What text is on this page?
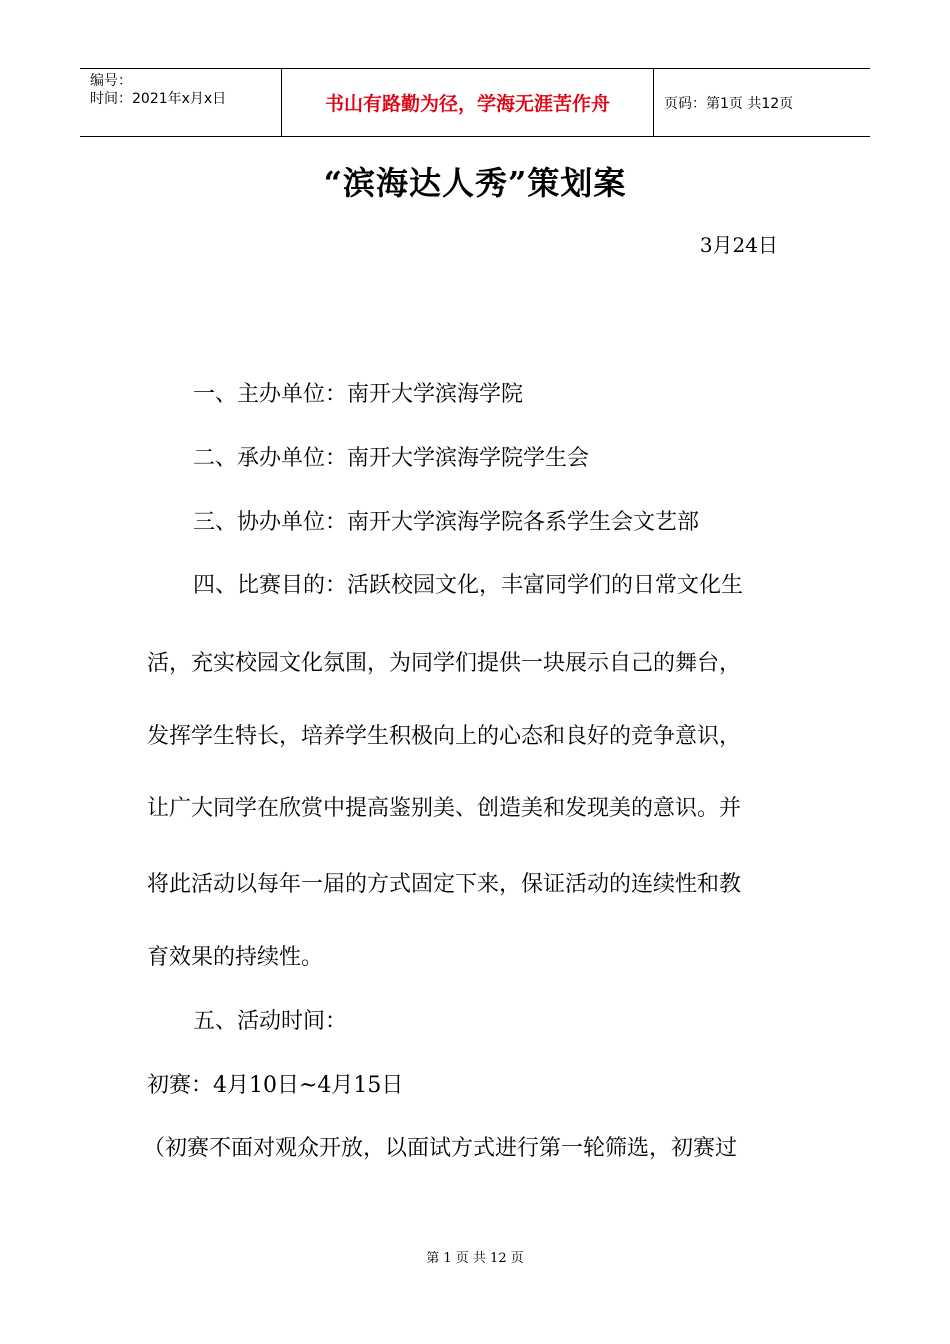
编号：
时间：2021年x月x日	书山有路勤为径，学海无涯苦作舟	页码：第1页 共12页
“滨海达人秀”策划案
3月24日
一、主办单位：南开大学滨海学院
二、承办单位：南开大学滨海学院学生会
三、协办单位：南开大学滨海学院各系学生会文艺部
四、比赛目的：活跃校园文化，丰富同学们的日常文化生
活，充实校园文化氛围，为同学们提供一块展示自己的舞台，
发挥学生特长，培养学生积极向上的心态和良好的竞争意识，
让广大同学在欣赏中提高鉴别美、创造美和发现美的意识。并
将此活动以每年一届的方式固定下来，保证活动的连续性和教
育效果的持续性。
五、活动时间：
初赛：4月10日~4月15日
（初赛不面对观众开放，以面试方式进行第一轮筛选，初赛过
第 1 页 共 12 页
